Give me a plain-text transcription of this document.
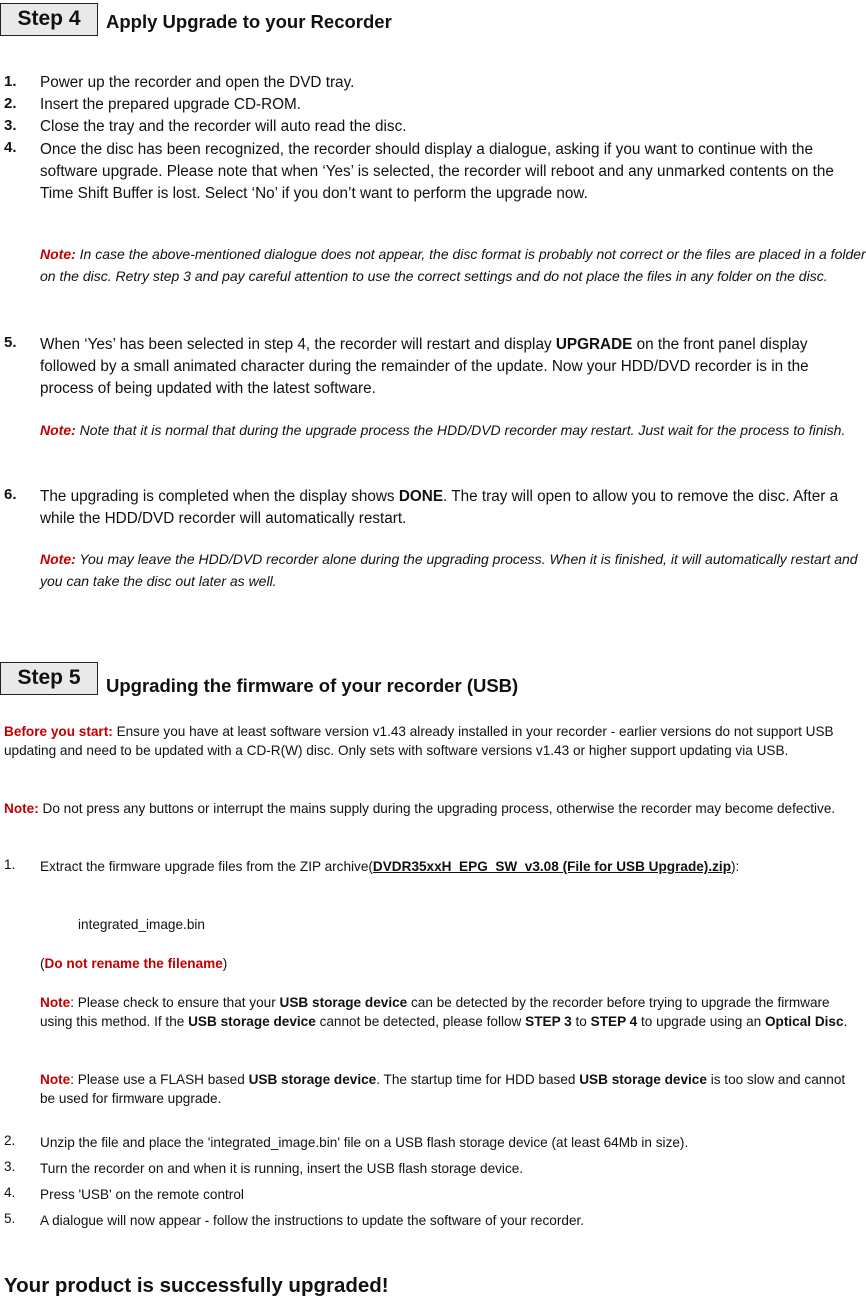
Step 4	Apply Upgrade to your Recorder
1. Power up the recorder and open the DVD tray.
2. Insert the prepared upgrade CD-ROM.
3. Close the tray and the recorder will auto read the disc.
4. Once the disc has been recognized, the recorder should display a dialogue, asking if you want to continue with the software upgrade. Please note that when ‘Yes’ is selected, the recorder will reboot and any unmarked contents on the Time Shift Buffer is lost. Select ‘No’ if you don’t want to perform the upgrade now.
Note: In case the above-mentioned dialogue does not appear, the disc format is probably not correct or the files are placed in a folder on the disc. Retry step 3 and pay careful attention to use the correct settings and do not place the files in any folder on the disc.
5. When ‘Yes’ has been selected in step 4, the recorder will restart and display UPGRADE on the front panel display followed by a small animated character during the remainder of the update. Now your HDD/DVD recorder is in the process of being updated with the latest software.
Note: Note that it is normal that during the upgrade process the HDD/DVD recorder may restart. Just wait for the process to finish.
6. The upgrading is completed when the display shows DONE. The tray will open to allow you to remove the disc. After a while the HDD/DVD recorder will automatically restart.
Note: You may leave the HDD/DVD recorder alone during the upgrading process. When it is finished, it will automatically restart and you can take the disc out later as well.
Step 5	Upgrading the firmware of your recorder (USB)
Before you start: Ensure you have at least software version v1.43 already installed in your recorder - earlier versions do not support USB updating and need to be updated with a CD-R(W) disc. Only sets with software versions v1.43 or higher support updating via USB.
Note: Do not press any buttons or interrupt the mains supply during the upgrading process, otherwise the recorder may become defective.
1. Extract the firmware upgrade files from the ZIP archive(DVDR35xxH_EPG_SW_v3.08 (File for USB Upgrade).zip):
integrated_image.bin
(Do not rename the filename)
Note: Please check to ensure that your USB storage device can be detected by the recorder before trying to upgrade the firmware using this method. If the USB storage device cannot be detected, please follow STEP 3 to STEP 4 to upgrade using an Optical Disc.
Note: Please use a FLASH based USB storage device. The startup time for HDD based USB storage device is too slow and cannot be used for firmware upgrade.
2. Unzip the file and place the 'integrated_image.bin' file on a USB flash storage device (at least 64Mb in size).
3. Turn the recorder on and when it is running, insert the USB flash storage device.
4. Press 'USB' on the remote control
5. A dialogue will now appear - follow the instructions to update the software of your recorder.
Your product is successfully upgraded!
